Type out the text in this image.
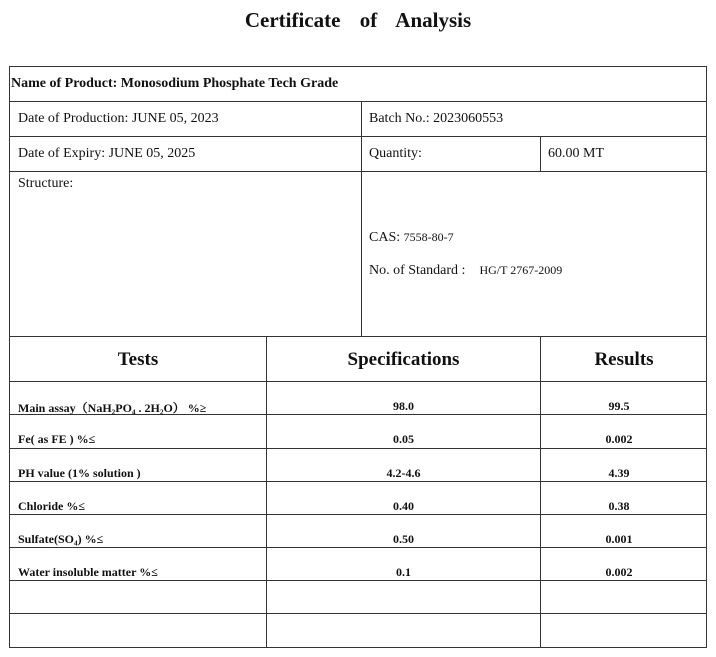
Certificate of Analysis
Name of Product: Monosodium Phosphate Tech Grade
Date of Production: JUNE 05, 2023	Batch No.: 2023060553
Date of Expiry: JUNE 05, 2025	Quantity:	60.00 MT
Structure:
CAS: 7558-80-7
No. of Standard : HG/T 2767-2009
Tests	Specifications	Results
Main assay（NaH₂PO₄ . 2H₂O） %≥	98.0	99.5
Fe( as FE ) %≤	0.05	0.002
PH value (1% solution )	4.2-4.6	4.39
Chloride %≤	0.40	0.38
Sulfate(SO₄) %≤	0.50	0.001
Water insoluble matter %≤	0.1	0.002
